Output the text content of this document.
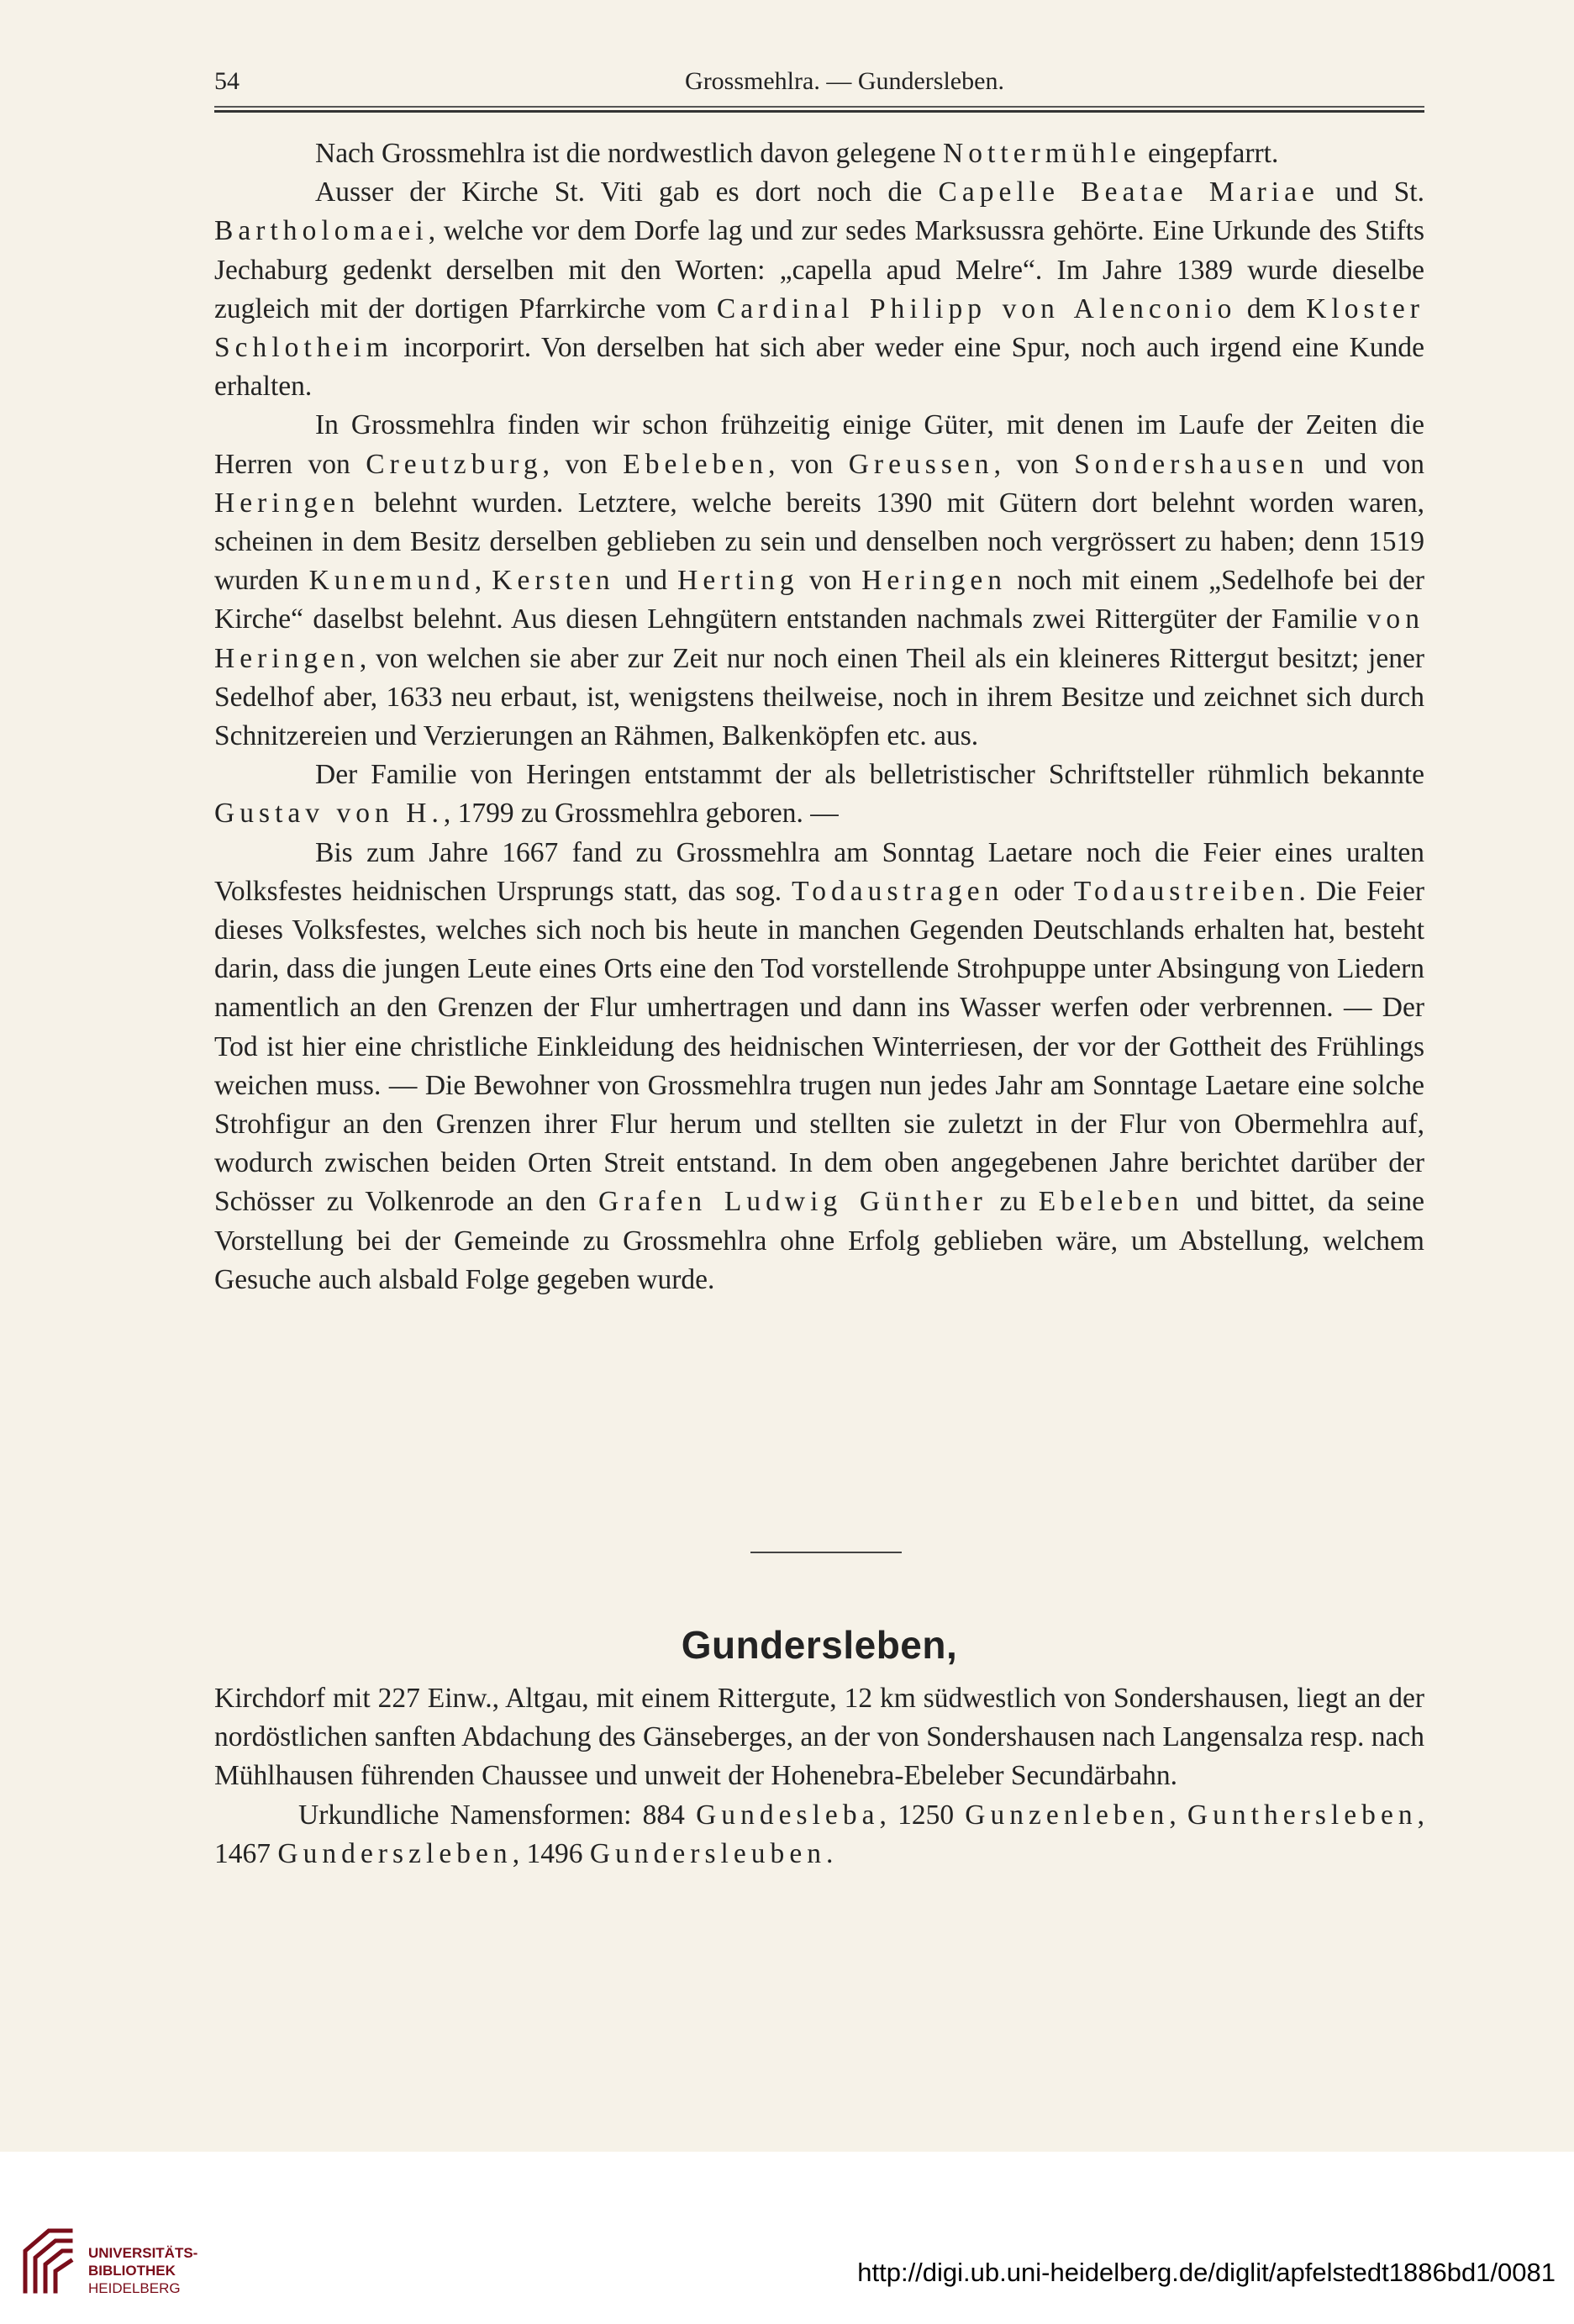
54	Grossmehlra. — Gundersleben.

Nach Grossmehlra ist die nordwestlich davon gelegene Nottermühle eingepfarrt.

Ausser der Kirche St. Viti gab es dort noch die Capelle Beatae Mariae und St. Bartholomaei, welche vor dem Dorfe lag und zur sedes Marksussra gehörte. Eine Urkunde des Stifts Jechaburg gedenkt derselben mit den Worten: „capella apud Melre“. Im Jahre 1389 wurde dieselbe zugleich mit der dortigen Pfarrkirche vom Cardinal Philipp von Alenconio dem Kloster Schlotheim incorporirt. Von derselben hat sich aber weder eine Spur, noch auch irgend eine Kunde erhalten.

In Grossmehlra finden wir schon frühzeitig einige Güter, mit denen im Laufe der Zeiten die Herren von Creutzburg, von Ebeleben, von Greussen, von Sondershausen und von Heringen belehnt wurden. Letztere, welche bereits 1390 mit Gütern dort belehnt worden waren, scheinen in dem Besitz derselben geblieben zu sein und denselben noch vergrössert zu haben; denn 1519 wurden Kunemund, Kersten und Herting von Heringen noch mit einem „Sedelhofe bei der Kirche“ daselbst belehnt. Aus diesen Lehngütern entstanden nachmals zwei Rittergüter der Familie von Heringen, von welchen sie aber zur Zeit nur noch einen Theil als ein kleineres Rittergut besitzt; jener Sedelhof aber, 1633 neu erbaut, ist, wenigstens theilweise, noch in ihrem Besitze und zeichnet sich durch Schnitzereien und Verzierungen an Rähmen, Balkenköpfen etc. aus.

Der Familie von Heringen entstammt der als belletristischer Schriftsteller rühmlich bekannte Gustav von H., 1799 zu Grossmehlra geboren. —

Bis zum Jahre 1667 fand zu Grossmehlra am Sonntag Laetare noch die Feier eines uralten Volksfestes heidnischen Ursprungs statt, das sog. Todaustragen oder Todaustreiben. Die Feier dieses Volksfestes, welches sich noch bis heute in manchen Gegenden Deutschlands erhalten hat, besteht darin, dass die jungen Leute eines Orts eine den Tod vorstellende Strohpuppe unter Absingung von Liedern namentlich an den Grenzen der Flur umhertragen und dann ins Wasser werfen oder verbrennen. — Der Tod ist hier eine christliche Einkleidung des heidnischen Winterriesen, der vor der Gottheit des Frühlings weichen muss. — Die Bewohner von Grossmehlra trugen nun jedes Jahr am Sonntage Laetare eine solche Strohfigur an den Grenzen ihrer Flur herum und stellten sie zuletzt in der Flur von Obermehlra auf, wodurch zwischen beiden Orten Streit entstand. In dem oben angegebenen Jahre berichtet darüber der Schösser zu Volkenrode an den Grafen Ludwig Günther zu Ebeleben und bittet, da seine Vorstellung bei der Gemeinde zu Grossmehlra ohne Erfolg geblieben wäre, um Abstellung, welchem Gesuche auch alsbald Folge gegeben wurde.

Gundersleben,

Kirchdorf mit 227 Einw., Altgau, mit einem Rittergute, 12 km südwestlich von Sondershausen, liegt an der nordöstlichen sanften Abdachung des Gänseberges, an der von Sondershausen nach Langensalza resp. nach Mühlhausen führenden Chaussee und unweit der Hohenebra-Ebeleber Secundärbahn.

Urkundliche Namensformen: 884 Gundesleba, 1250 Gunzenleben, Gunthersleben, 1467 Gunderszleben, 1496 Gundersleuben.

UNIVERSITÄTS-
BIBLIOTHEK
HEIDELBERG
http://digi.ub.uni-heidelberg.de/diglit/apfelstedt1886bd1/0081
